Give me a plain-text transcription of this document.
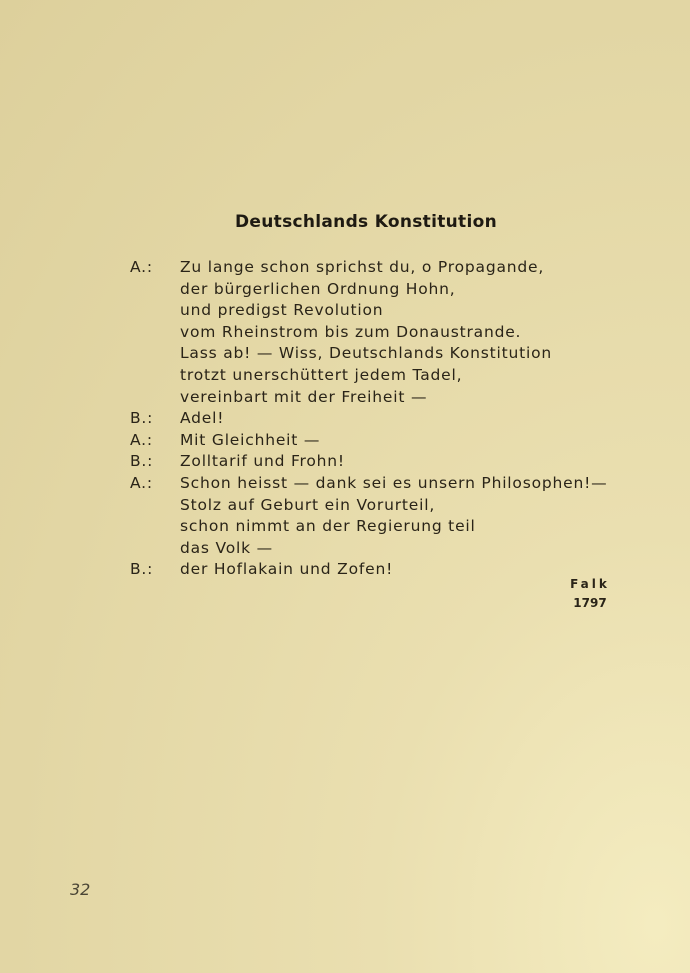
Deutschlands Konstitution
A.:	Zu lange schon sprichst du, o Propagande,
der bürgerlichen Ordnung Hohn,
und predigst Revolution
vom Rheinstrom bis zum Donaustrande.
Lass ab! — Wiss, Deutschlands Konstitution
trotzt unerschüttert jedem Tadel,
vereinbart mit der Freiheit —
B.:	Adel!
A.:	Mit Gleichheit —
B.:	Zolltarif und Frohn!
A.:	Schon heisst — dank sei es unsern Philosophen!—
Stolz auf Geburt ein Vorurteil,
schon nimmt an der Regierung teil
das Volk —
B.:	der Hoflakain und Zofen!
Falk
1797
32
